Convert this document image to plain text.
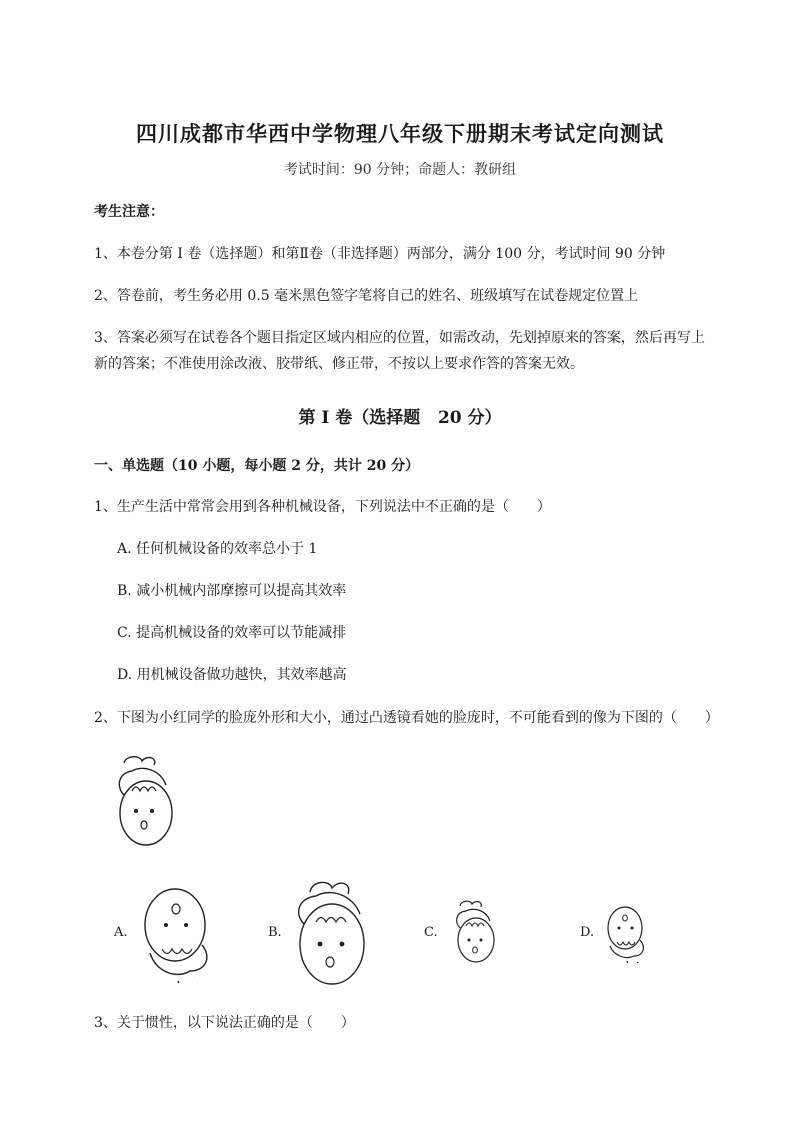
四川成都市华西中学物理八年级下册期末考试定向测试
考试时间：90 分钟；命题人：教研组
考生注意：
1、本卷分第 I 卷（选择题）和第Ⅱ卷（非选择题）两部分，满分 100 分，考试时间 90 分钟
2、答卷前，考生务必用 0.5 毫米黑色签字笔将自己的姓名、班级填写在试卷规定位置上
3、答案必须写在试卷各个题目指定区域内相应的位置，如需改动，先划掉原来的答案，然后再写上新的答案；不准使用涂改液、胶带纸、修正带，不按以上要求作答的答案无效。
第 I 卷（选择题   20 分）
一、单选题（10 小题，每小题 2 分，共计 20 分）
1、生产生活中常常会用到各种机械设备，下列说法中不正确的是（　　）
A. 任何机械设备的效率总小于 1
B. 减小机械内部摩擦可以提高其效率
C. 提高机械设备的效率可以节能减排
D. 用机械设备做功越快，其效率越高
2、下图为小红同学的脸庞外形和大小，通过凸透镜看她的脸庞时，不可能看到的像为下图的（　　）
A.	B.	C.	D.
3、关于惯性，以下说法正确的是（　　）
